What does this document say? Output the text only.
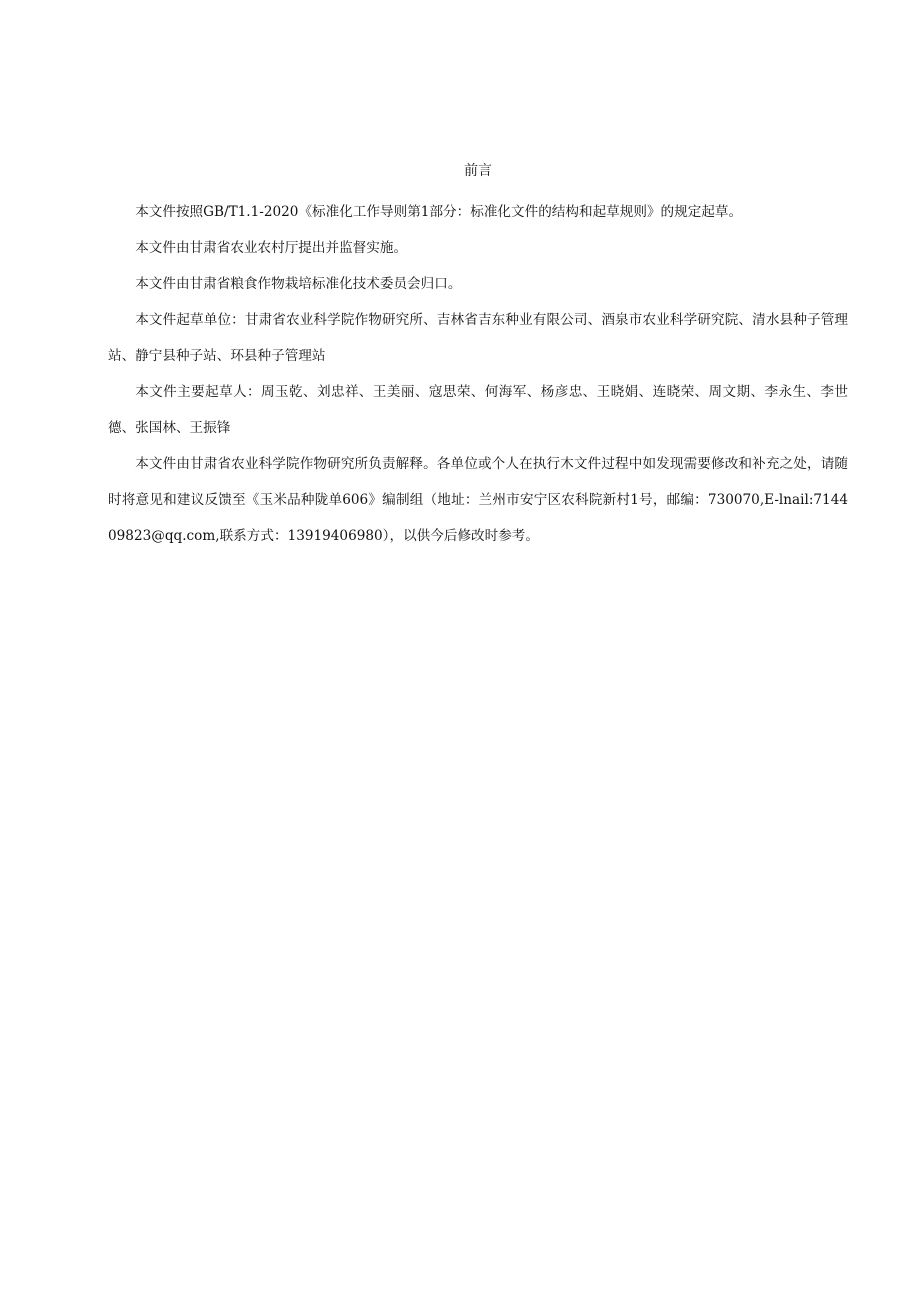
前言

本文件按照GB/T1.1-2020《标准化工作导则第1部分：标准化文件的结构和起草规则》的规定起草。

本文件由甘肃省农业农村厅提出并监督实施。

本文件由甘肃省粮食作物栽培标准化技术委员会归口。

本文件起草单位：甘肃省农业科学院作物研究所、吉林省吉东种业有限公司、酒泉市农业科学研究院、清水县种子管理站、静宁县种子站、环县种子管理站

本文件主要起草人：周玉乾、刘忠祥、王美丽、寇思荣、何海军、杨彦忠、王晓娟、连晓荣、周文期、李永生、李世德、张国林、王振锋

本文件由甘肃省农业科学院作物研究所负责解释。各单位或个人在执行木文件过程中如发现需要修改和补充之处，请随时将意见和建议反馈至《玉米品种陇单606》编制组（地址：兰州市安宁区农科院新村1号，邮编：730070,E-lnail:714409823@qq.com,联系方式：13919406980），以供今后修改时参考。
